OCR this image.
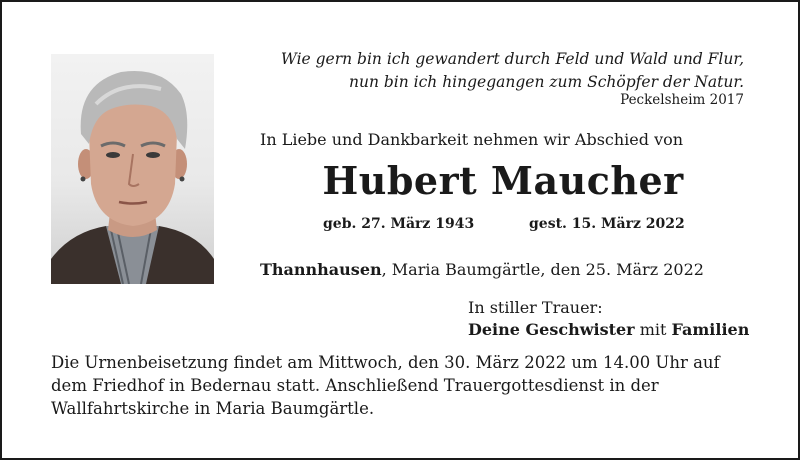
Wie gern bin ich gewandert durch Feld und Wald und Flur,
nun bin ich hingegangen zum Schöpfer der Natur.
Peckelsheim 2017
In Liebe und Dankbarkeit nehmen wir Abschied von
Hubert Maucher
geb. 27. März 1943	gest. 15. März 2022
Thannhausen, Maria Baumgärtle, den 25. März 2022
In stiller Trauer:
Deine Geschwister mit Familien
Die Urnenbeisetzung findet am Mittwoch, den 30. März 2022 um 14.00 Uhr auf
dem Friedhof in Bedernau statt. Anschließend Trauergottesdienst in der
Wallfahrtskirche in Maria Baumgärtle.
